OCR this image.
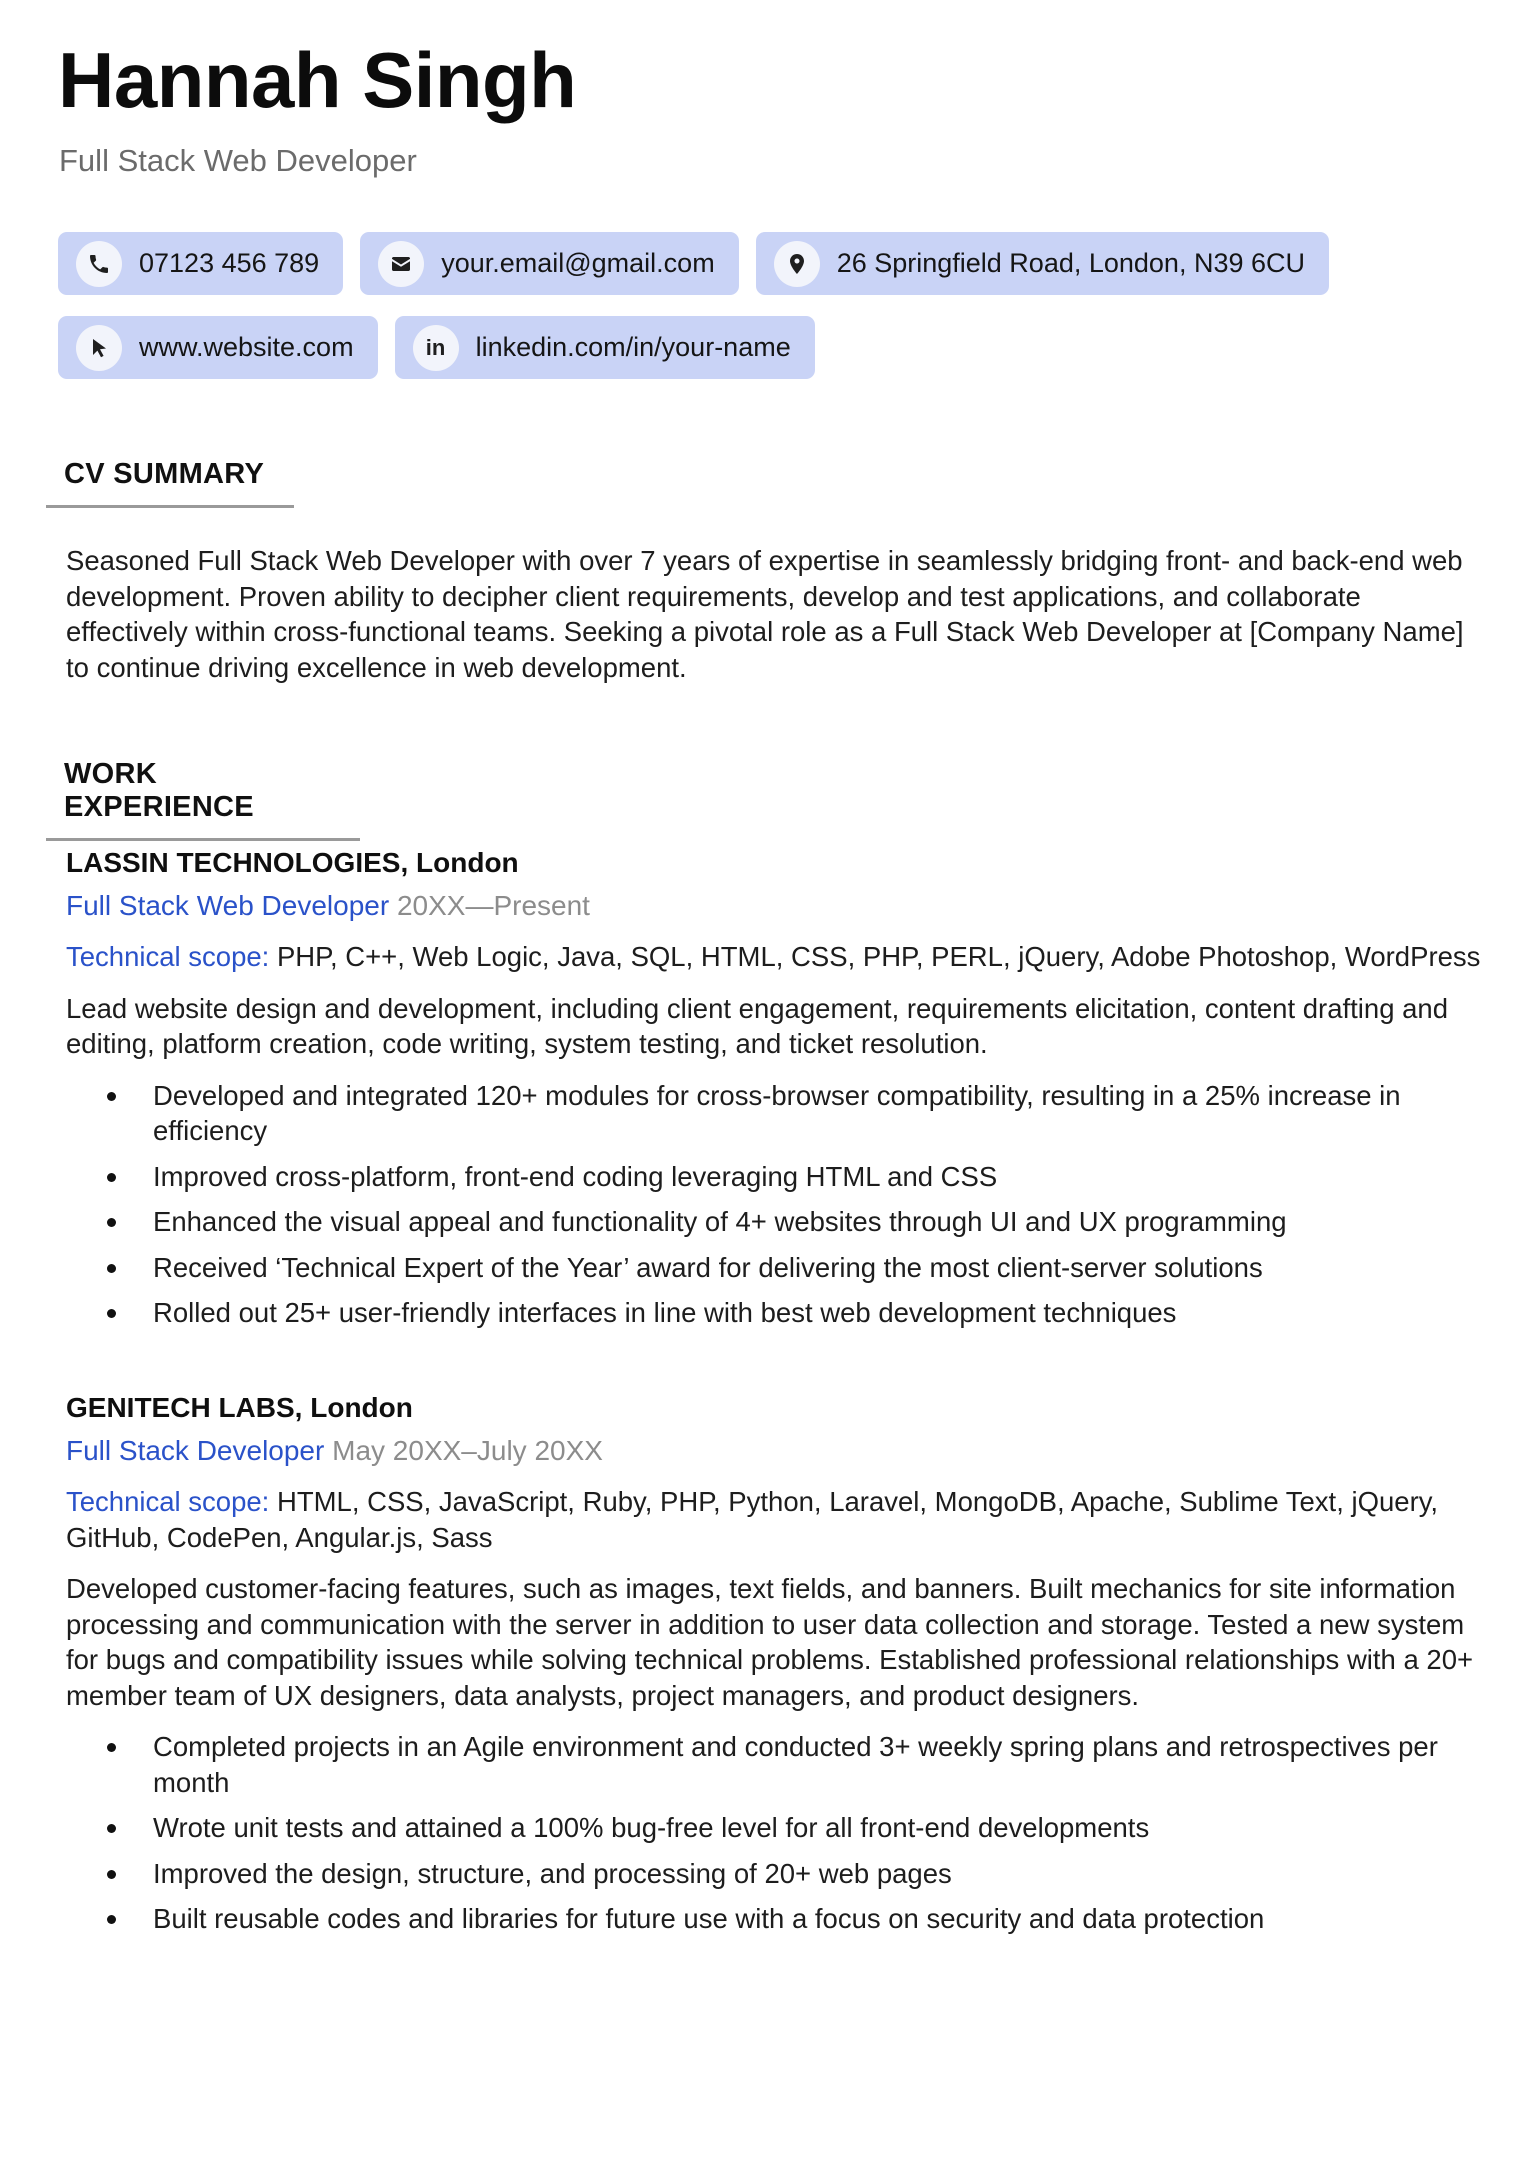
Hannah Singh

Full Stack Web Developer

07123 456 789	your.email@gmail.com	26 Springfield Road, London, N39 6CU
www.website.com	in linkedin.com/in/your-name
CV SUMMARY

Seasoned Full Stack Web Developer with over 7 years of expertise in seamlessly bridging front- and back-end web development. Proven ability to decipher client requirements, develop and test applications, and collaborate effectively within cross-functional teams. Seeking a pivotal role as a Full Stack Web Developer at [Company Name] to continue driving excellence in web development.

WORK EXPERIENCE

LASSIN TECHNOLOGIES, London

Full Stack Web Developer 20XX—Present

Technical scope: PHP, C++, Web Logic, Java, SQL, HTML, CSS, PHP, PERL, jQuery, Adobe Photoshop, WordPress

Lead website design and development, including client engagement, requirements elicitation, content drafting and editing, platform creation, code writing, system testing, and ticket resolution.

Developed and integrated 120+ modules for cross-browser compatibility, resulting in a 25% increase in efficiency
Improved cross-platform, front-end coding leveraging HTML and CSS
Enhanced the visual appeal and functionality of 4+ websites through UI and UX programming
Received ‘Technical Expert of the Year’ award for delivering the most client-server solutions
Rolled out 25+ user-friendly interfaces in line with best web development techniques

GENITECH LABS, London

Full Stack Developer May 20XX–July 20XX

Technical scope: HTML, CSS, JavaScript, Ruby, PHP, Python, Laravel, MongoDB, Apache, Sublime Text, jQuery, GitHub, CodePen, Angular.js, Sass

Developed customer-facing features, such as images, text fields, and banners. Built mechanics for site information processing and communication with the server in addition to user data collection and storage. Tested a new system for bugs and compatibility issues while solving technical problems. Established professional relationships with a 20+ member team of UX designers, data analysts, project managers, and product designers.

Completed projects in an Agile environment and conducted 3+ weekly spring plans and retrospectives per month
Wrote unit tests and attained a 100% bug-free level for all front-end developments
Improved the design, structure, and processing of 20+ web pages
Built reusable codes and libraries for future use with a focus on security and data protection
